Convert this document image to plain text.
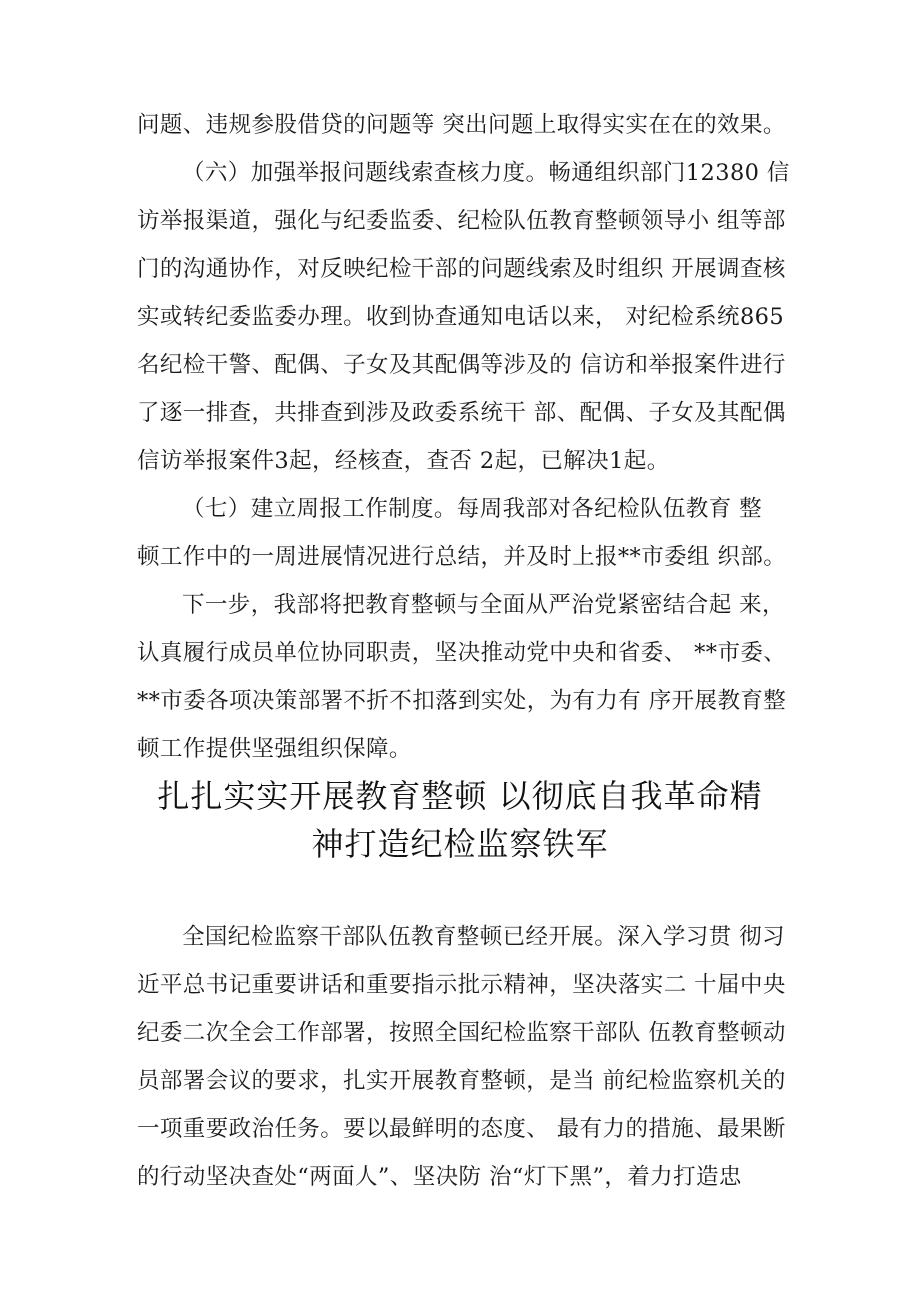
问题、违规参股借贷的问题等 突出问题上取得实实在在的效果。
（六）加强举报问题线索查核力度。畅通组织部门12380 信
访举报渠道，强化与纪委监委、纪检队伍教育整顿领导小 组等部
门的沟通协作，对反映纪检干部的问题线索及时组织 开展调查核
实或转纪委监委办理。收到协查通知电话以来， 对纪检系统865
名纪检干警、配偶、子女及其配偶等涉及的 信访和举报案件进行
了逐一排查，共排查到涉及政委系统干 部、配偶、子女及其配偶
信访举报案件3起，经核查，查否 2起，已解决1起。
（七）建立周报工作制度。每周我部对各纪检队伍教育 整
顿工作中的一周进展情况进行总结，并及时上报**市委组 织部。
下一步，我部将把教育整顿与全面从严治党紧密结合起 来，
认真履行成员单位协同职责，坚决推动党中央和省委、 **市委、
**市委各项决策部署不折不扣落到实处，为有力有 序开展教育整
顿工作提供坚强组织保障。
扎扎实实开展教育整顿 以彻底自我革命精
神打造纪检监察铁军
全国纪检监察干部队伍教育整顿已经开展。深入学习贯 彻习
近平总书记重要讲话和重要指示批示精神，坚决落实二 十届中央
纪委二次全会工作部署，按照全国纪检监察干部队 伍教育整顿动
员部署会议的要求，扎实开展教育整顿，是当 前纪检监察机关的
一项重要政治任务。要以最鲜明的态度、 最有力的措施、最果断
的行动坚决查处“两面人”、坚决防 治“灯下黑”，着力打造忠
